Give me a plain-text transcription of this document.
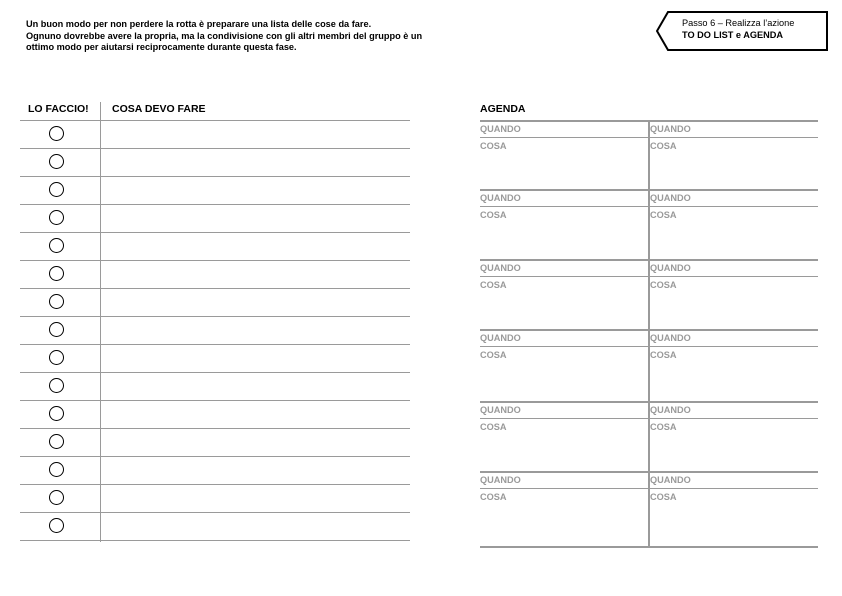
Un buon modo per non perdere la rotta è preparare una lista delle cose da fare.
Ognuno dovrebbe avere la propria, ma la condivisione con gli altri membri del gruppo è un
ottimo modo per aiutarsi reciprocamente durante questa fase.
Passo 6 – Realizza l’azione
TO DO LIST e AGENDA
LO FACCIO! COSA DEVO FARE	AGENDA
QUANDO
COSA
QUANDO
COSA
QUANDO
COSA
QUANDO
COSA
QUANDO
COSA
QUANDO
COSA
QUANDO
COSA
QUANDO
COSA
QUANDO
COSA
QUANDO
COSA
QUANDO
COSA
QUANDO
COSA
